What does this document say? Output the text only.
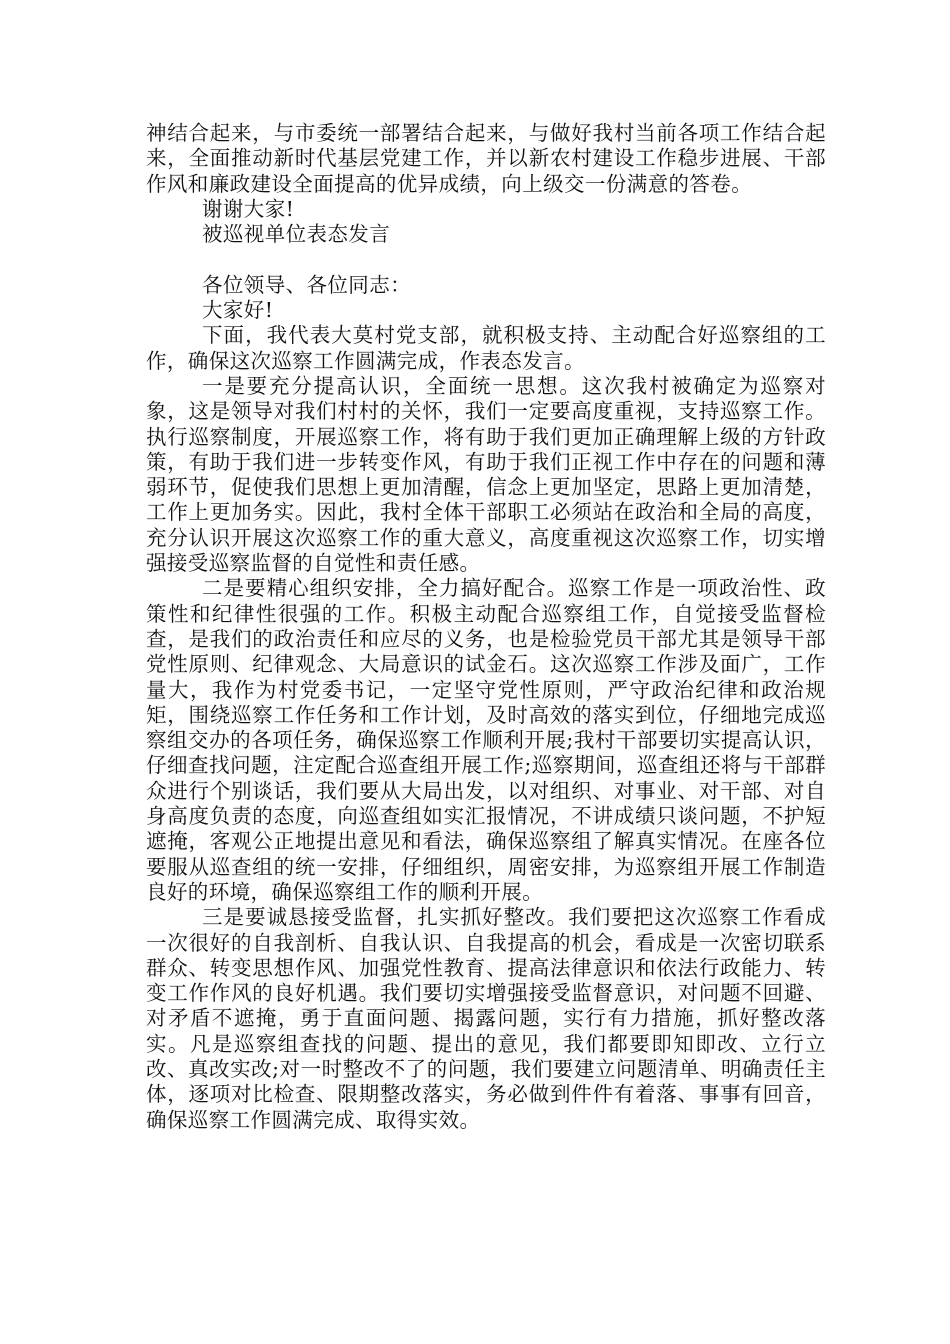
神结合起来，与市委统一部署结合起来，与做好我村当前各项工作结合起来，全面推动新时代基层党建工作，并以新农村建设工作稳步进展、干部作风和廉政建设全面提高的优异成绩，向上级交一份满意的答卷。

谢谢大家!

被巡视单位表态发言

各位领导、各位同志：

大家好!

下面，我代表大莫村党支部，就积极支持、主动配合好巡察组的工作，确保这次巡察工作圆满完成，作表态发言。

一是要充分提高认识，全面统一思想。这次我村被确定为巡察对象，这是领导对我们村村的关怀，我们一定要高度重视，支持巡察工作。执行巡察制度，开展巡察工作，将有助于我们更加正确理解上级的方针政策，有助于我们进一步转变作风，有助于我们正视工作中存在的问题和薄弱环节，促使我们思想上更加清醒，信念上更加坚定，思路上更加清楚，工作上更加务实。因此，我村全体干部职工必须站在政治和全局的高度，充分认识开展这次巡察工作的重大意义，高度重视这次巡察工作，切实增强接受巡察监督的自觉性和责任感。

二是要精心组织安排，全力搞好配合。巡察工作是一项政治性、政策性和纪律性很强的工作。积极主动配合巡察组工作，自觉接受监督检查，是我们的政治责任和应尽的义务，也是检验党员干部尤其是领导干部党性原则、纪律观念、大局意识的试金石。这次巡察工作涉及面广，工作量大，我作为村党委书记，一定坚守党性原则，严守政治纪律和政治规矩，围绕巡察工作任务和工作计划，及时高效的落实到位，仔细地完成巡察组交办的各项任务，确保巡察工作顺利开展;我村干部要切实提高认识，仔细查找问题，注定配合巡查组开展工作;巡察期间，巡查组还将与干部群众进行个别谈话，我们要从大局出发，以对组织、对事业、对干部、对自身高度负责的态度，向巡查组如实汇报情况，不讲成绩只谈问题，不护短遮掩，客观公正地提出意见和看法，确保巡察组了解真实情况。在座各位要服从巡查组的统一安排，仔细组织，周密安排，为巡察组开展工作制造良好的环境，确保巡察组工作的顺利开展。

三是要诚恳接受监督，扎实抓好整改。我们要把这次巡察工作看成一次很好的自我剖析、自我认识、自我提高的机会，看成是一次密切联系群众、转变思想作风、加强党性教育、提高法律意识和依法行政能力、转变工作作风的良好机遇。我们要切实增强接受监督意识，对问题不回避、对矛盾不遮掩，勇于直面问题、揭露问题，实行有力措施，抓好整改落实。凡是巡察组查找的问题、提出的意见，我们都要即知即改、立行立改、真改实改;对一时整改不了的问题，我们要建立问题清单、明确责任主体，逐项对比检查、限期整改落实，务必做到件件有着落、事事有回音，确保巡察工作圆满完成、取得实效。
